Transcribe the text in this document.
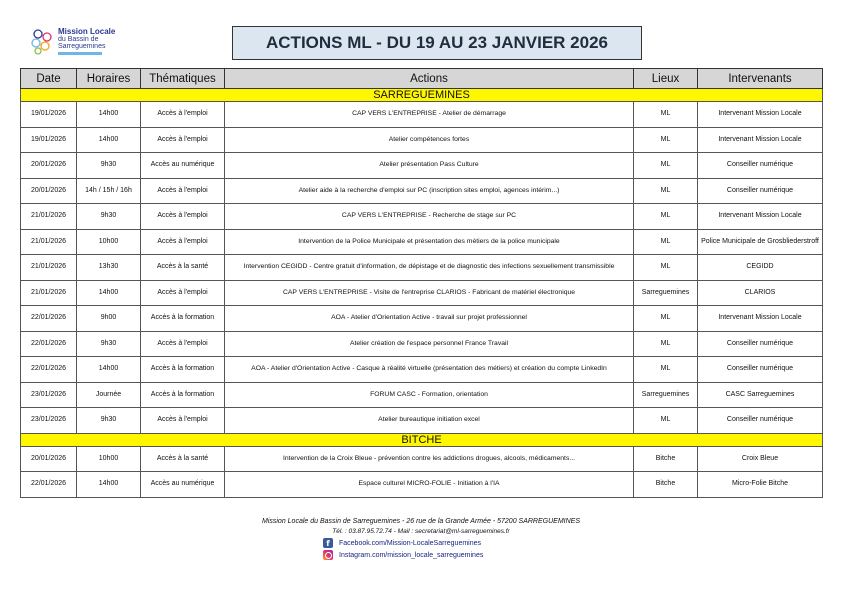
Mission Locale
du Bassin de
Sarreguemines	ACTIONS ML - DU 19 AU 23 JANVIER 2026
Date	Horaires	Thématiques	Actions	Lieux	Intervenants
SARREGUEMINES					
19/01/2026	14h00	Accès à l'emploi	CAP VERS L'ENTREPRISE - Atelier de démarrage	ML	Intervenant Mission Locale
19/01/2026	14h00	Accès à l'emploi	Atelier compétences fortes	ML	Intervenant Mission Locale
20/01/2026	9h30	Accès au numérique	Atelier présentation Pass Culture	ML	Conseiller numérique
20/01/2026	14h / 15h / 16h	Accès à l'emploi	Atelier aide à la recherche d'emploi sur PC (inscription sites emploi, agences intérim...)	ML	Conseiller numérique
21/01/2026	9h30	Accès à l'emploi	CAP VERS L'ENTREPRISE - Recherche de stage sur PC	ML	Intervenant Mission Locale
21/01/2026	10h00	Accès à l'emploi	Intervention de la Police Municipale et présentation des métiers de la police municipale	ML	Police Municipale de Grosbliederstroff
21/01/2026	13h30	Accès à la santé	Intervention CEGIDD - Centre gratuit d'information, de dépistage et de diagnostic des infections sexuellement transmissible	ML	CEGIDD
21/01/2026	14h00	Accès à l'emploi	CAP VERS L'ENTREPRISE - Visite de l'entreprise CLARIOS - Fabricant de matériel électronique	Sarreguemines	CLARIOS
22/01/2026	9h00	Accès à la formation	AOA - Atelier d'Orientation Active - travail sur projet professionnel	ML	Intervenant Mission Locale
22/01/2026	9h30	Accès à l'emploi	Atelier création de l'espace personnel France Travail	ML	Conseiller numérique
22/01/2026	14h00	Accès à la formation	AOA - Atelier d'Orientation Active - Casque à réalité virtuelle (présentation des métiers) et création du compte LinkedIn	ML	Conseiller numérique
23/01/2026	Journée	Accès à la formation	FORUM CASC - Formation, orientation	Sarreguemines	CASC Sarreguemines
23/01/2026	9h30	Accès à l'emploi	Atelier bureautique initiation excel	ML	Conseiller numérique
BITCHE					
20/01/2026	10h00	Accès à la santé	Intervention de la Croix Bleue - prévention contre les addictions drogues, alcools, médicaments...	Bitche	Croix Bleue
22/01/2026	14h00	Accès au numérique	Espace culturel MICRO-FOLIE - Initiation à l'IA	Bitche	Micro-Folie Bitche
Mission Locale du Bassin de Sarreguemines - 26 rue de la Grande Armée - 57200 SARREGUEMINES
Tél. : 03.87.95.72.74 - Mail : secretariat@ml-sarreguemines.fr
f	Facebook.com/Mission-LocaleSarreguemines
Instagram.com/mission_locale_sarreguemines
